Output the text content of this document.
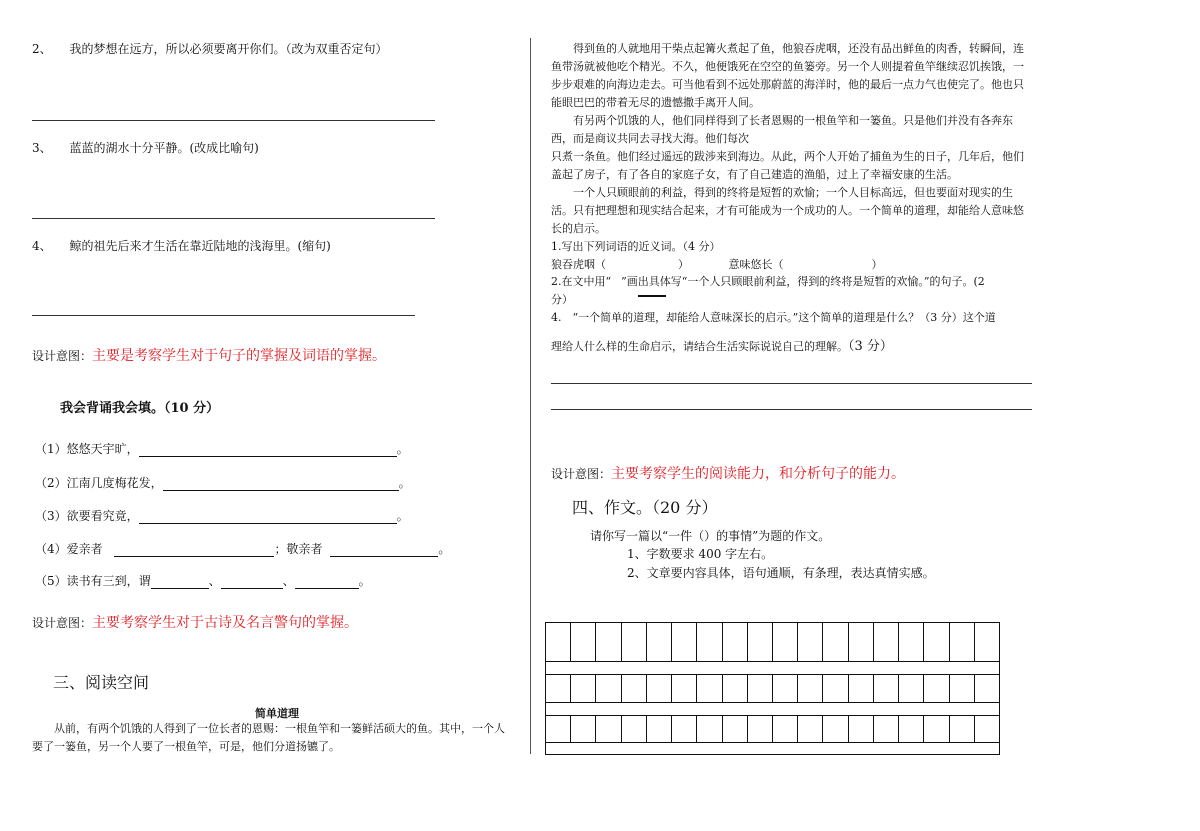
2、 我的梦想在远方，所以必须要离开你们。（改为双重否定句）
3、 蓝蓝的湖水十分平静。(改成比喻句)
4、 鲸的祖先后来才生活在靠近陆地的浅海里。(缩句)
设计意图：主要是考察学生对于句子的掌握及词语的掌握。
我会背诵我会填。（10 分）
（1）悠悠天宇旷，	。
（2）江南几度梅花发，	。
（3）欲要看究竟，	。
（4）爱亲者	；敬亲者	。
（5）读书有三到，谓	、	、	。
设计意图：主要考察学生对于古诗及名言警句的掌握。
三、阅读空间
简单道理
从前，有两个饥饿的人得到了一位长者的恩赐：一根鱼竿和一篓鲜活硕大的鱼。其中，一个人要了一篓鱼，另一个人要了一根鱼竿，可是，他们分道扬镳了。
得到鱼的人就地用干柴点起篝火煮起了鱼，他狼吞虎咽，还没有品出鲜鱼的肉香，转瞬间，连鱼带汤就被他吃个精光。不久，他便饿死在空空的鱼篓旁。另一个人则提着鱼竿继续忍饥挨饿，一步步艰难的向海边走去。可当他看到不远处那蔚蓝的海洋时，他的最后一点力气也使完了。他也只能眼巴巴的带着无尽的遗憾撒手离开人间。
有另两个饥饿的人，他们同样得到了长者恩赐的一根鱼竿和一篓鱼。只是他们并没有各奔东西，而是商议共同去寻找大海。他们每次
只煮一条鱼。他们经过遥远的跋涉来到海边。从此，两个人开始了捕鱼为生的日子，几年后，他们盖起了房子，有了各自的家庭子女，有了自己建造的渔船，过上了幸福安康的生活。
一个人只顾眼前的利益，得到的终将是短暂的欢愉；一个人目标高远，但也要面对现实的生活。只有把理想和现实结合起来，才有可能成为一个成功的人。一个简单的道理，却能给人意味悠长的启示。
1.写出下列词语的近义词。（4 分）
狼吞虎咽（	）	意味悠长（	）
2.在文中用“ ”画出具体写“一个人只顾眼前利益，得到的终将是短暂的欢愉。”的句子。(2
分）
4.　“一个简单的道理，却能给人意味深长的启示。”这个简单的道理是什么？（3 分）这个道
理给人什么样的生命启示，请结合生活实际说说自己的理解。（3 分）
设计意图：主要考察学生的阅读能力，和分析句子的能力。
四、作文。（20 分）
请你写一篇以“一件（）的事情”为题的作文。
1、字数要求 400 字左右。
2、文章要内容具体，语句通顺，有条理，表达真情实感。
